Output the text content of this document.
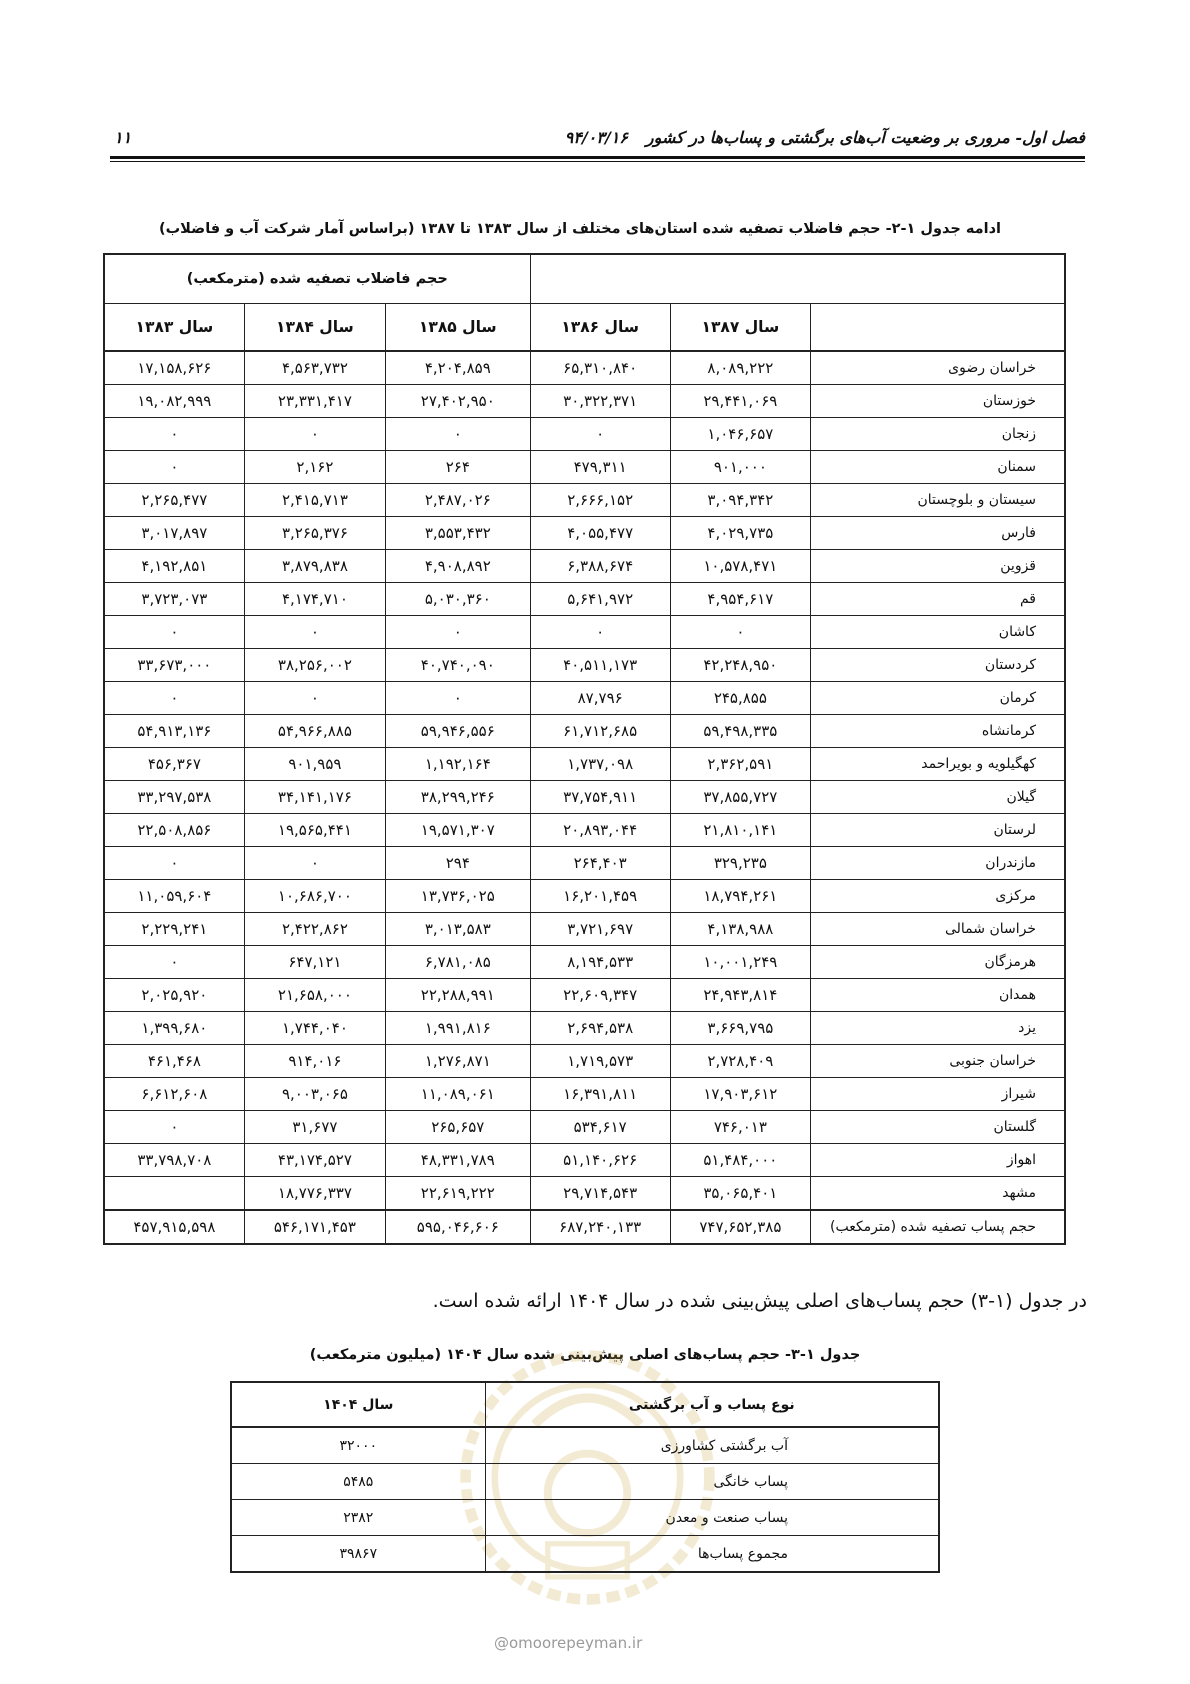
فصل اول- مروری بر وضعیت آب‌های برگشتی و پساب‌ها در کشور۹۴/۰۳/۱۶
۱۱
ادامه جدول ۱-۲- حجم فاضلاب تصفیه شده استان‌های مختلف از سال ۱۳۸۳ تا ۱۳۸۷ (براساس آمار شرکت آب و فاضلاب)
			حجم فاضلاب تصفیه شده (مترمکعب)		
	سال ۱۳۸۷	سال ۱۳۸۶	سال ۱۳۸۵	سال ۱۳۸۴	سال ۱۳۸۳
خراسان رضوی	۸,۰۸۹,۲۲۲	۶۵,۳۱۰,۸۴۰	۴,۲۰۴,۸۵۹	۴,۵۶۳,۷۳۲	۱۷,۱۵۸,۶۲۶
خوزستان	۲۹,۴۴۱,۰۶۹	۳۰,۳۲۲,۳۷۱	۲۷,۴۰۲,۹۵۰	۲۳,۳۳۱,۴۱۷	۱۹,۰۸۲,۹۹۹
زنجان	۱,۰۴۶,۶۵۷	۰	۰	۰	۰
سمنان	۹۰۱,۰۰۰	۴۷۹,۳۱۱	۲۶۴	۲,۱۶۲	۰
سیستان و بلوچستان	۳,۰۹۴,۳۴۲	۲,۶۶۶,۱۵۲	۲,۴۸۷,۰۲۶	۲,۴۱۵,۷۱۳	۲,۲۶۵,۴۷۷
فارس	۴,۰۲۹,۷۳۵	۴,۰۵۵,۴۷۷	۳,۵۵۳,۴۳۲	۳,۲۶۵,۳۷۶	۳,۰۱۷,۸۹۷
قزوین	۱۰,۵۷۸,۴۷۱	۶,۳۸۸,۶۷۴	۴,۹۰۸,۸۹۲	۳,۸۷۹,۸۳۸	۴,۱۹۲,۸۵۱
قم	۴,۹۵۴,۶۱۷	۵,۶۴۱,۹۷۲	۵,۰۳۰,۳۶۰	۴,۱۷۴,۷۱۰	۳,۷۲۳,۰۷۳
کاشان	۰	۰	۰	۰	۰
کردستان	۴۲,۲۴۸,۹۵۰	۴۰,۵۱۱,۱۷۳	۴۰,۷۴۰,۰۹۰	۳۸,۲۵۶,۰۰۲	۳۳,۶۷۳,۰۰۰
کرمان	۲۴۵,۸۵۵	۸۷,۷۹۶	۰	۰	۰
کرمانشاه	۵۹,۴۹۸,۳۳۵	۶۱,۷۱۲,۶۸۵	۵۹,۹۴۶,۵۵۶	۵۴,۹۶۶,۸۸۵	۵۴,۹۱۳,۱۳۶
کهگیلویه و بویراحمد	۲,۳۶۲,۵۹۱	۱,۷۳۷,۰۹۸	۱,۱۹۲,۱۶۴	۹۰۱,۹۵۹	۴۵۶,۳۶۷
گیلان	۳۷,۸۵۵,۷۲۷	۳۷,۷۵۴,۹۱۱	۳۸,۲۹۹,۲۴۶	۳۴,۱۴۱,۱۷۶	۳۳,۲۹۷,۵۳۸
لرستان	۲۱,۸۱۰,۱۴۱	۲۰,۸۹۳,۰۴۴	۱۹,۵۷۱,۳۰۷	۱۹,۵۶۵,۴۴۱	۲۲,۵۰۸,۸۵۶
مازندران	۳۲۹,۲۳۵	۲۶۴,۴۰۳	۲۹۴	۰	۰
مرکزی	۱۸,۷۹۴,۲۶۱	۱۶,۲۰۱,۴۵۹	۱۳,۷۳۶,۰۲۵	۱۰,۶۸۶,۷۰۰	۱۱,۰۵۹,۶۰۴
خراسان شمالی	۴,۱۳۸,۹۸۸	۳,۷۲۱,۶۹۷	۳,۰۱۳,۵۸۳	۲,۴۲۲,۸۶۲	۲,۲۲۹,۲۴۱
هرمزگان	۱۰,۰۰۱,۲۴۹	۸,۱۹۴,۵۳۳	۶,۷۸۱,۰۸۵	۶۴۷,۱۲۱	۰
همدان	۲۴,۹۴۳,۸۱۴	۲۲,۶۰۹,۳۴۷	۲۲,۲۸۸,۹۹۱	۲۱,۶۵۸,۰۰۰	۲,۰۲۵,۹۲۰
یزد	۳,۶۶۹,۷۹۵	۲,۶۹۴,۵۳۸	۱,۹۹۱,۸۱۶	۱,۷۴۴,۰۴۰	۱,۳۹۹,۶۸۰
خراسان جنوبی	۲,۷۲۸,۴۰۹	۱,۷۱۹,۵۷۳	۱,۲۷۶,۸۷۱	۹۱۴,۰۱۶	۴۶۱,۴۶۸
شیراز	۱۷,۹۰۳,۶۱۲	۱۶,۳۹۱,۸۱۱	۱۱,۰۸۹,۰۶۱	۹,۰۰۳,۰۶۵	۶,۶۱۲,۶۰۸
گلستان	۷۴۶,۰۱۳	۵۳۴,۶۱۷	۲۶۵,۶۵۷	۳۱,۶۷۷	۰
اهواز	۵۱,۴۸۴,۰۰۰	۵۱,۱۴۰,۶۲۶	۴۸,۳۳۱,۷۸۹	۴۳,۱۷۴,۵۲۷	۳۳,۷۹۸,۷۰۸
مشهد	۳۵,۰۶۵,۴۰۱	۲۹,۷۱۴,۵۴۳	۲۲,۶۱۹,۲۲۲	۱۸,۷۷۶,۳۳۷	
حجم پساب تصفیه شده (مترمکعب)	۷۴۷,۶۵۲,۳۸۵	۶۸۷,۲۴۰,۱۳۳	۵۹۵,۰۴۶,۶۰۶	۵۴۶,۱۷۱,۴۵۳	۴۵۷,۹۱۵,۵۹۸
در جدول (۱-۳) حجم پساب‌های اصلی پیش‌بینی شده در سال ۱۴۰۴ ارائه شده است.
جدول ۱-۳- حجم پساب‌های اصلی پیش‌بینی شده سال ۱۴۰۴ (میلیون مترمکعب)
نوع پساب و آب برگشتی	سال ۱۴۰۴
آب برگشتی کشاورزی	۳۲۰۰۰
پساب خانگی	۵۴۸۵
پساب صنعت و معدن	۲۳۸۲
مجموع پساب‌ها	۳۹۸۶۷
@omoorepeyman.ir
